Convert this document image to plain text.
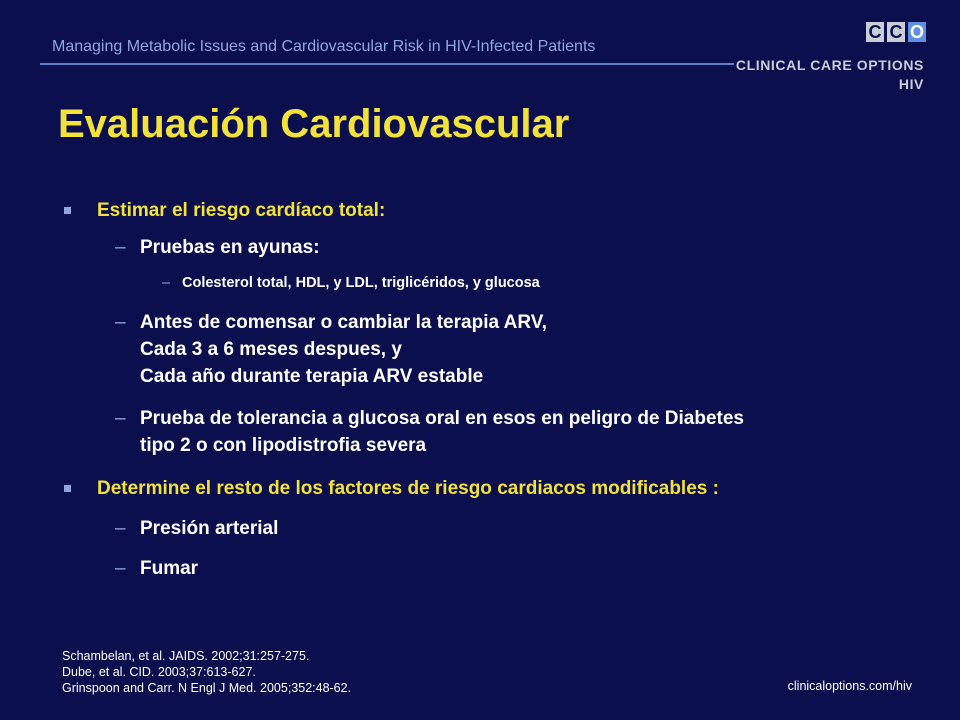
Managing Metabolic Issues and Cardiovascular Risk in HIV-Infected Patients
C C O
CLINICAL CARE OPTIONS
HIV
Evaluación Cardiovascular
Estimar el riesgo cardíaco total:
– Pruebas en ayunas:
– Colesterol total, HDL, y LDL, triglicéridos, y glucosa
– Antes de comensar o cambiar la terapia ARV,
Cada 3 a 6 meses despues, y
Cada año durante terapia ARV estable
– Prueba de tolerancia a glucosa oral en esos en peligro de Diabetes
tipo 2 o con lipodistrofia severa
Determine el resto de los factores de riesgo cardiacos modificables :
– Presión arterial
– Fumar
Schambelan, et al. JAIDS. 2002;31:257-275.
Dube, et al. CID. 2003;37:613-627.
Grinspoon and Carr. N Engl J Med. 2005;352:48-62.	clinicaloptions.com/hiv
